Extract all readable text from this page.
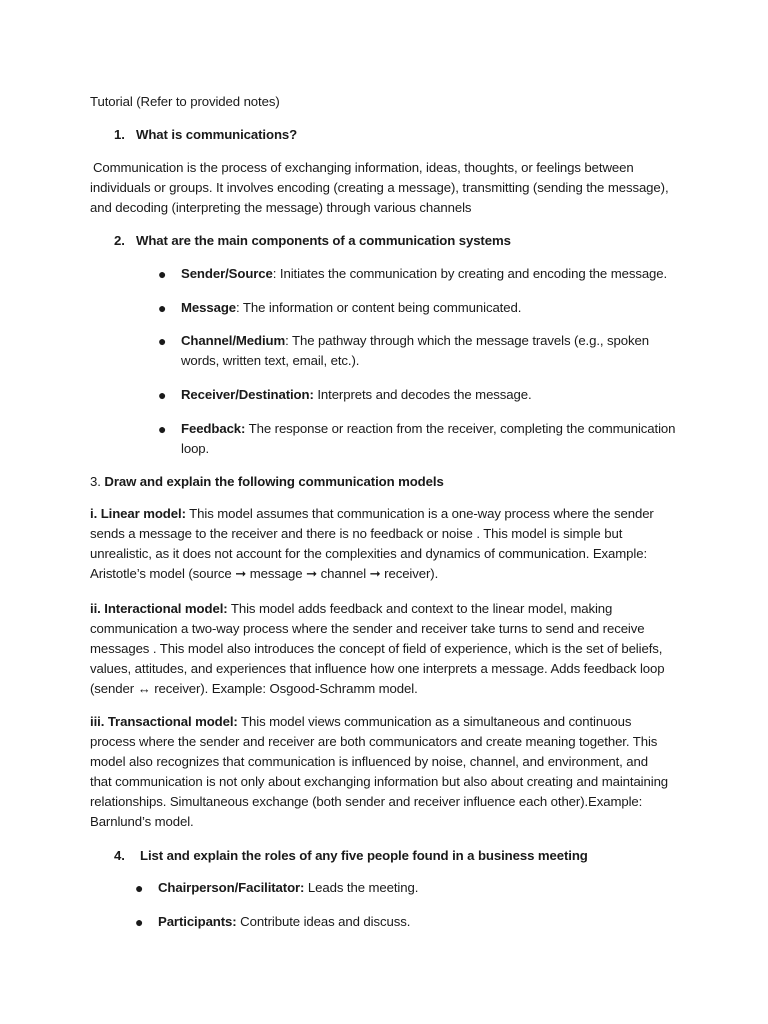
Tutorial (Refer to provided notes)
1. What is communications?
Communication is the process of exchanging information, ideas, thoughts, or feelings between individuals or groups. It involves encoding (creating a message), transmitting (sending the message), and decoding (interpreting the message) through various channels
2. What are the main components of a communication systems
● Sender/Source: Initiates the communication by creating and encoding the message.
● Message: The information or content being communicated.
● Channel/Medium: The pathway through which the message travels (e.g., spoken words, written text, email, etc.).
● Receiver/Destination: Interprets and decodes the message.
● Feedback: The response or reaction from the receiver, completing the communication loop.
3. Draw and explain the following communication models
i. Linear model: This model assumes that communication is a one-way process where the sender sends a message to the receiver and there is no feedback or noise . This model is simple but unrealistic, as it does not account for the complexities and dynamics of communication. Example: Aristotle’s model (source ➞ message ➞ channel ➞ receiver).
ii. Interactional model: This model adds feedback and context to the linear model, making communication a two-way process where the sender and receiver take turns to send and receive messages . This model also introduces the concept of field of experience, which is the set of beliefs, values, attitudes, and experiences that influence how one interprets a message. Adds feedback loop (sender ↔ receiver). Example: Osgood-Schramm model.
iii. Transactional model: This model views communication as a simultaneous and continuous process where the sender and receiver are both communicators and create meaning together. This model also recognizes that communication is influenced by noise, channel, and environment, and that communication is not only about exchanging information but also about creating and maintaining relationships. Simultaneous exchange (both sender and receiver influence each other).Example: Barnlund’s model.
4. List and explain the roles of any five people found in a business meeting
● Chairperson/Facilitator: Leads the meeting.
● Participants: Contribute ideas and discuss.
